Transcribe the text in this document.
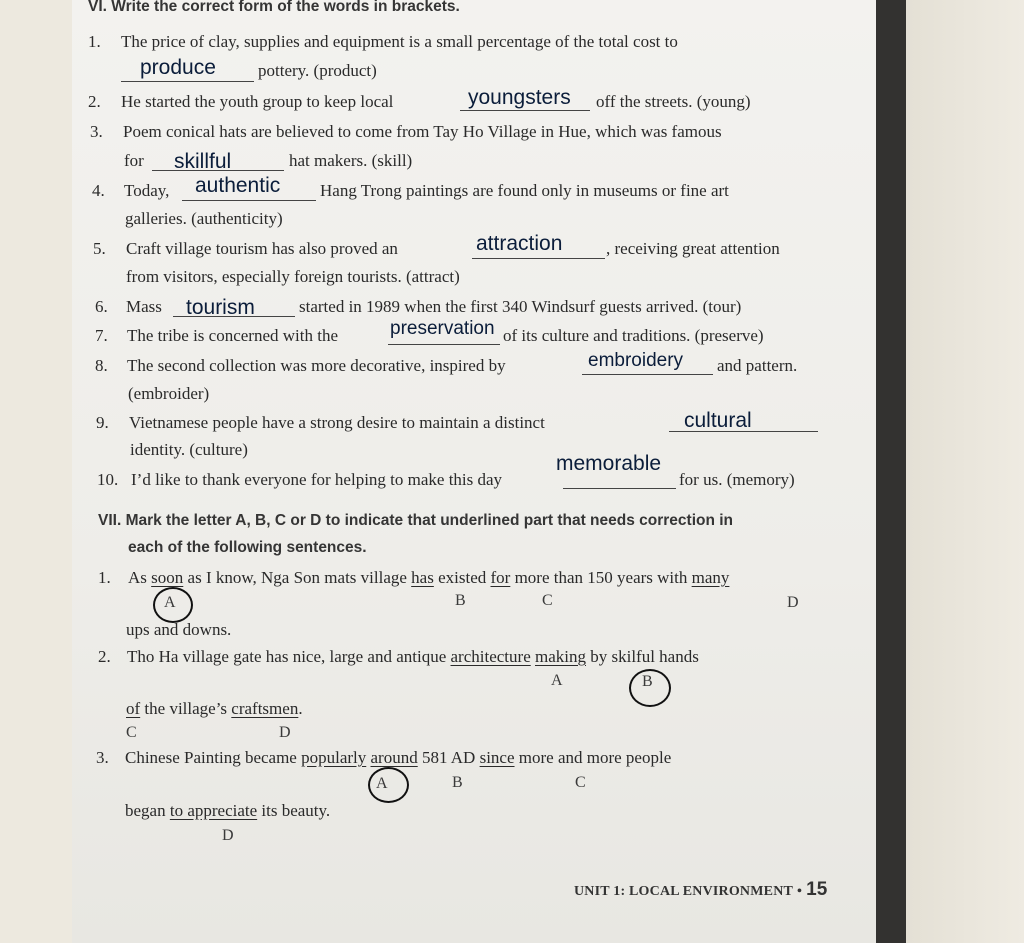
VI. Write the correct form of the words in brackets.
1. The price of clay, supplies and equipment is a small percentage of the total cost to
produce pottery. (product)
2. He started the youth group to keep local	youngsters off the streets. (young)
3. Poem conical hats are believed to come from Tay Ho Village in Hue, which was famous
for skillful	hat makers. (skill)
4. Today, authentic Hang Trong paintings are found only in museums or fine art
galleries. (authenticity)
5. Craft village tourism has also proved an	attraction	, receiving great attention
from visitors, especially foreign tourists. (attract)
6. Mass tourism	started in 1989 when the first 340 Windsurf guests arrived. (tour)
7. The tribe is concerned with the	preservation of its culture and traditions. (preserve)
8. The second collection was more decorative, inspired by	embroidery and pattern.
(embroider)
9. Vietnamese people have a strong desire to maintain a distinct	cultural
identity. (culture)
10. I’d like to thank everyone for helping to make this day
memorable
for us. (memory)
VII. Mark the letter A, B, C or D to indicate that underlined part that needs correction in
each of the following sentences.
1. As soon as I know, Nga Son mats village has existed for more than 150 years with many
A	B	C	D
ups and downs.
2. Tho Ha village gate has nice, large and antique architecture making by skilful hands
A	B
of the village’s craftsmen.
C	D
3. Chinese Painting became popularly around 581 AD since more and more people
A	B	C
began to appreciate its beauty.
D
UNIT 1: LOCAL ENVIRONMENT • 15
